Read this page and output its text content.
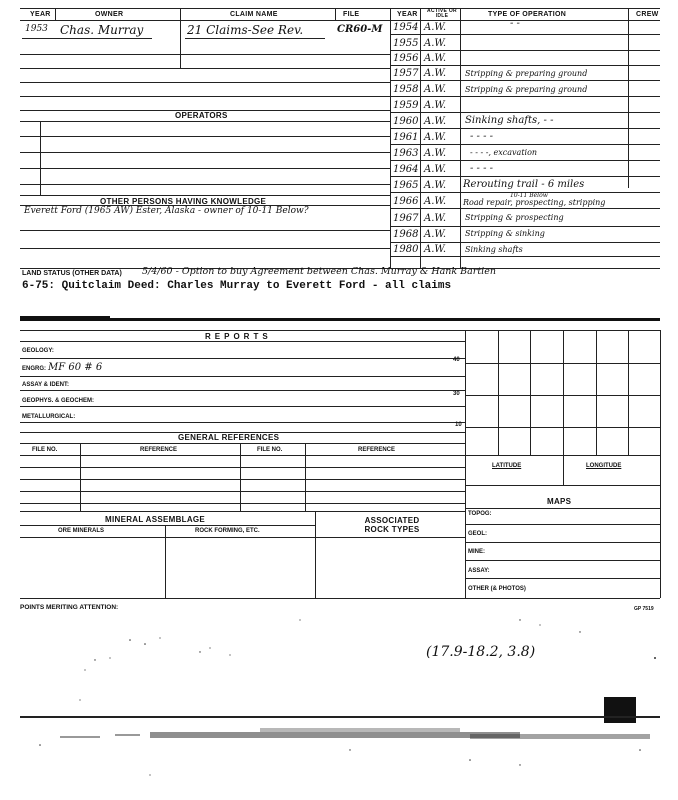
YEAR	OWNER	CLAIM NAME	FILE	YEAR	ACTIVE OR IDLE	TYPE OF OPERATION	CREW
1953 Chas. Murray	21 Claims-See Rev.	CR60-M
OPERATORS
OTHER PERSONS HAVING KNOWLEDGE
Everett Ford (1965 AW) Ester, Alaska - owner of 10-11 Below?
1954 A.W.	- -
1955 A.W.
1956 A.W.
1957 A.W. Stripping & preparing ground
1958 A.W. Stripping & preparing ground
1959 A.W.
1960 A.W. Sinking shafts, - -
1961 A.W. - - - -
1963 A.W.	- - - -, excavation
1964 A.W. - - - -
1965 A.W. Rerouting trail - 6 miles
10-11 Below
1966 A.W. Road repair, prospecting, stripping
1967 A.W. Stripping & prospecting
1968 A.W. Stripping & sinking
1980 A.W. Sinking shafts
LAND STATUS (OTHER DATA) 5/4/60 - Option to buy Agreement between Chas. Murray & Hank Bartien
6-75: Quitclaim Deed: Charles Murray to Everett Ford - all claims
REPORTS
GEOLOGY:
ENGRG: MF 60 # 6
ASSAY & IDENT:
GEOPHYS. & GEOCHEM:
METALLURGICAL:
40
30
10
GENERAL REFERENCES
FILE NO.	REFERENCE	FILE NO.	REFERENCE
MINERAL ASSEMBLAGE	ASSOCIATED ROCK TYPES
ORE MINERALS	ROCK FORMING, ETC.
LATITUDE	LONGITUDE
MAPS
TOPOG:
GEOL:
MINE:
ASSAY:
OTHER (& PHOTOS)
POINTS MERITING ATTENTION:	GP 7519
(17.9-18.2, 3.8)
